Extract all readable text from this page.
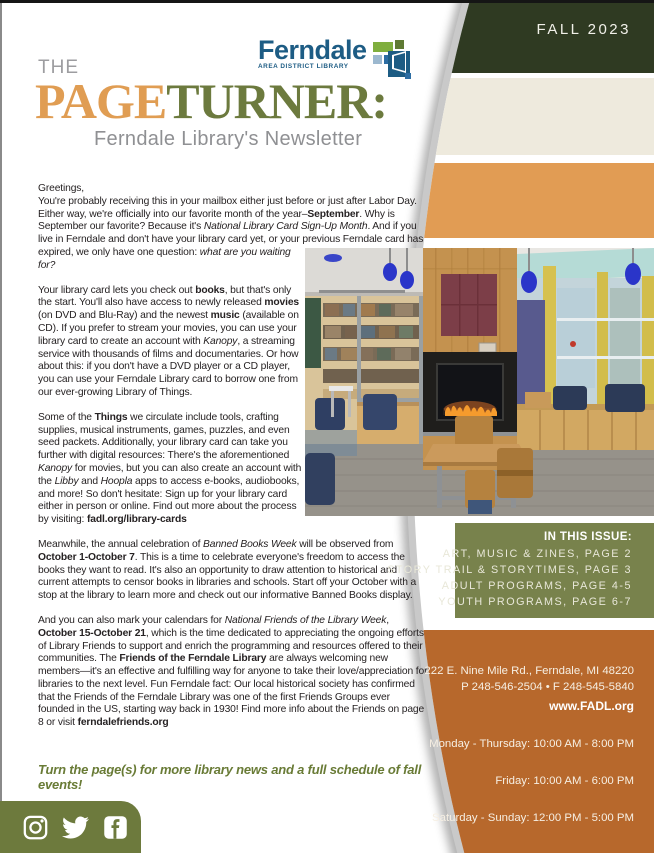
FALL 2023
Ferndale
AREA DISTRICT LIBRARY
THE
PAGETURNER:
Ferndale Library's Newsletter

Greetings,
You're probably receiving this in your mailbox either just before or just after Labor Day. Either way, we're officially into our favorite month of the year–September. Why is September our favorite? Because it's National Library Card Sign-Up Month. And if you live in Ferndale and don't have your library card yet, or your previous Ferndale card has expired, we only have one question: what are you waiting for?

Your library card lets you check out books, but that's only the start. You'll also have access to newly released movies (on DVD and Blu-Ray) and the newest music (available on CD). If you prefer to stream your movies, you can use your library card to create an account with Kanopy, a streaming service with thousands of films and documentaries. Or how about this: if you don't have a DVD player or a CD player, you can use your Ferndale Library card to borrow one from our ever-growing Library of Things.

Some of the Things we circulate include tools, crafting supplies, musical instruments, games, puzzles, and even seed packets. Additionally, your library card can take you further with digital resources: There's the aforementioned Kanopy for movies, but you can also create an account with the Libby and Hoopla apps to access e-books, audiobooks, and more! So don't hesitate: Sign up for your library card either in person or online. Find out more about the process by visiting: fadl.org/library-cards

Meanwhile, the annual celebration of Banned Books Week will be observed from October 1-October 7. This is a time to celebrate everyone's freedom to access the books they want to read. It's also an opportunity to draw attention to historical and current attempts to censor books in libraries and schools. Start off your October with a stop at the library to learn more and check out our informative Banned Books display.

And you can also mark your calendars for National Friends of the Library Week, October 15-October 21, which is the time dedicated to appreciating the ongoing efforts of Library Friends to support and enrich the programming and resources offered to their communities. The Friends of the Ferndale Library are always welcoming new members—it's an effective and fulfilling way for anyone to take their love/appreciation for libraries to the next level. Fun Ferndale fact: Our local historical society has confirmed that the Friends of the Ferndale Library was one of the first Friends Groups ever founded in the US, starting way back in 1930! Find more info about the Friends on page 8 or visit ferndalefriends.org

Turn the page(s) for more library news and a full schedule of fall events!
IN THIS ISSUE:
ART, MUSIC & ZINES, PAGE 2
STORY TRAIL & STORYTIMES, PAGE 3
ADULT PROGRAMS, PAGE 4-5
YOUTH PROGRAMS, PAGE 6-7
222 E. Nine Mile Rd., Ferndale, MI 48220
P 248-546-2504 • F 248-545-5840
www.FADL.org
Monday - Thursday: 10:00 AM - 8:00 PM
Friday: 10:00 AM - 6:00 PM
Saturday - Sunday: 12:00 PM - 5:00 PM
